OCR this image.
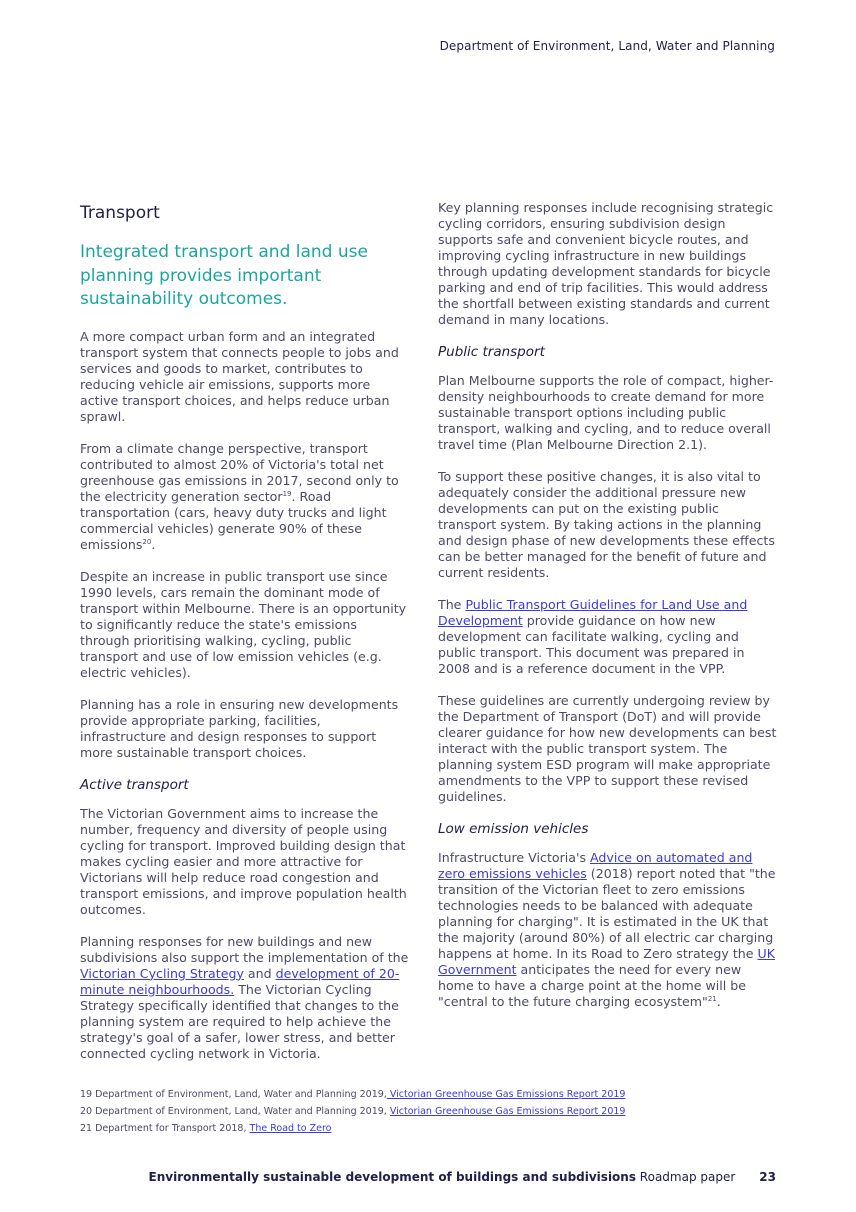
Department of Environment, Land, Water and Planning
Transport
Integrated transport and land use planning provides important sustainability outcomes.

A more compact urban form and an integrated transport system that connects people to jobs and services and goods to market, contributes to reducing vehicle air emissions, supports more active transport choices, and helps reduce urban sprawl.

From a climate change perspective, transport contributed to almost 20% of Victoria's total net greenhouse gas emissions in 2017, second only to the electricity generation sector$^{19}$. Road transportation (cars, heavy duty trucks and light commercial vehicles) generate 90% of these emissions$^{20}$.

Despite an increase in public transport use since 1990 levels, cars remain the dominant mode of transport within Melbourne. There is an opportunity to significantly reduce the state's emissions through prioritising walking, cycling, public transport and use of low emission vehicles (e.g. electric vehicles).

Planning has a role in ensuring new developments provide appropriate parking, facilities, infrastructure and design responses to support more sustainable transport choices.

Active transport

The Victorian Government aims to increase the number, frequency and diversity of people using cycling for transport. Improved building design that makes cycling easier and more attractive for Victorians will help reduce road congestion and transport emissions, and improve population health outcomes.

Planning responses for new buildings and new subdivisions also support the implementation of the Victorian Cycling Strategy and development of 20-minute neighbourhoods. The Victorian Cycling Strategy specifically identified that changes to the planning system are required to help achieve the strategy's goal of a safer, lower stress, and better connected cycling network in Victoria.

Key planning responses include recognising strategic cycling corridors, ensuring subdivision design supports safe and convenient bicycle routes, and improving cycling infrastructure in new buildings through updating development standards for bicycle parking and end of trip facilities. This would address the shortfall between existing standards and current demand in many locations.

Public transport

Plan Melbourne supports the role of compact, higher-density neighbourhoods to create demand for more sustainable transport options including public transport, walking and cycling, and to reduce overall travel time (Plan Melbourne Direction 2.1).

To support these positive changes, it is also vital to adequately consider the additional pressure new developments can put on the existing public transport system. By taking actions in the planning and design phase of new developments these effects can be better managed for the benefit of future and current residents.

The Public Transport Guidelines for Land Use and Development provide guidance on how new development can facilitate walking, cycling and public transport. This document was prepared in 2008 and is a reference document in the VPP.

These guidelines are currently undergoing review by the Department of Transport (DoT) and will provide clearer guidance for how new developments can best interact with the public transport system. The planning system ESD program will make appropriate amendments to the VPP to support these revised guidelines.

Low emission vehicles

Infrastructure Victoria's Advice on automated and zero emissions vehicles (2018) report noted that "the transition of the Victorian fleet to zero emissions technologies needs to be balanced with adequate planning for charging". It is estimated in the UK that the majority (around 80%) of all electric car charging happens at home. In its Road to Zero strategy the UK Government anticipates the need for every new home to have a charge point at the home will be "central to the future charging ecosystem"$^{21}$.

19 Department of Environment, Land, Water and Planning 2019, Victorian Greenhouse Gas Emissions Report 2019
20 Department of Environment, Land, Water and Planning 2019, Victorian Greenhouse Gas Emissions Report 2019
21 Department for Transport 2018, The Road to Zero
Environmentally sustainable development of buildings and subdivisions Roadmap paper 23
